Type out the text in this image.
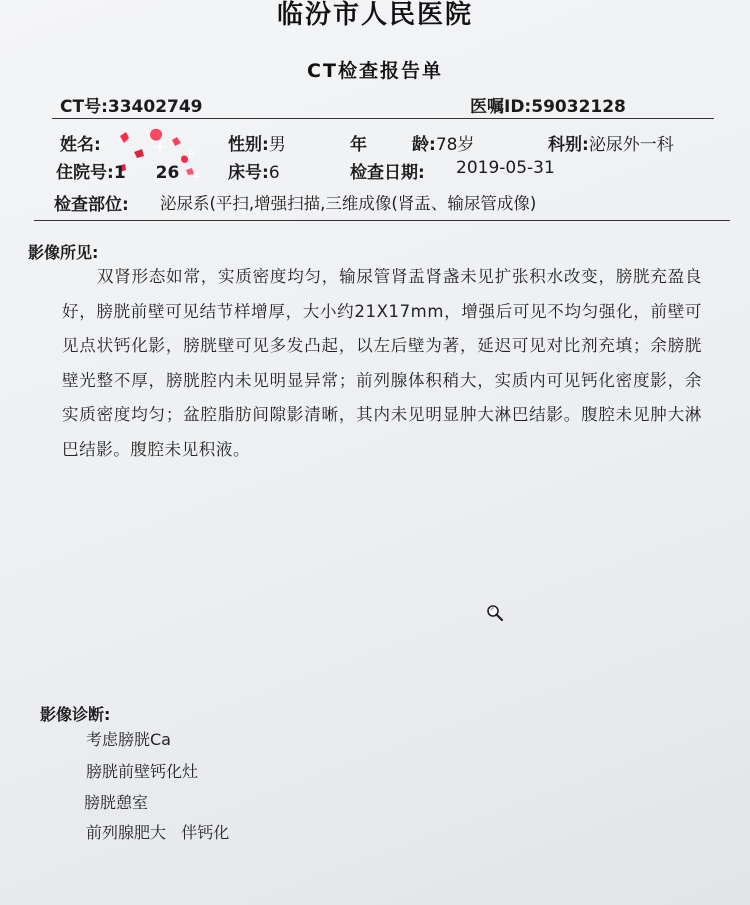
临汾市人民医院
CT检查报告单
CT号:33402749	医嘱ID:59032128
姓名:	性别:男	年	龄:78岁	科别:泌尿外一科
住院号:1 26	床号:6	检查日期: 2019-05-31
检查部位: 泌尿系(平扫,增强扫描,三维成像(肾盂、输尿管成像)
影像所见:
双肾形态如常，实质密度均匀，输尿管肾盂肾盏未见扩张积水改变，膀胱充盈良好，膀胱前壁可见结节样增厚，大小约21X17mm，增强后可见不均匀强化，前壁可见点状钙化影，膀胱壁可见多发凸起，以左后壁为著，延迟可见对比剂充填；余膀胱壁光整不厚，膀胱腔内未见明显异常；前列腺体积稍大，实质内可见钙化密度影，余实质密度均匀；盆腔脂肪间隙影清晰，其内未见明显肿大淋巴结影。腹腔未见肿大淋巴结影。腹腔未见积液。
影像诊断:
考虑膀胱Ca
膀胱前壁钙化灶
膀胱憩室
前列腺肥大   伴钙化
